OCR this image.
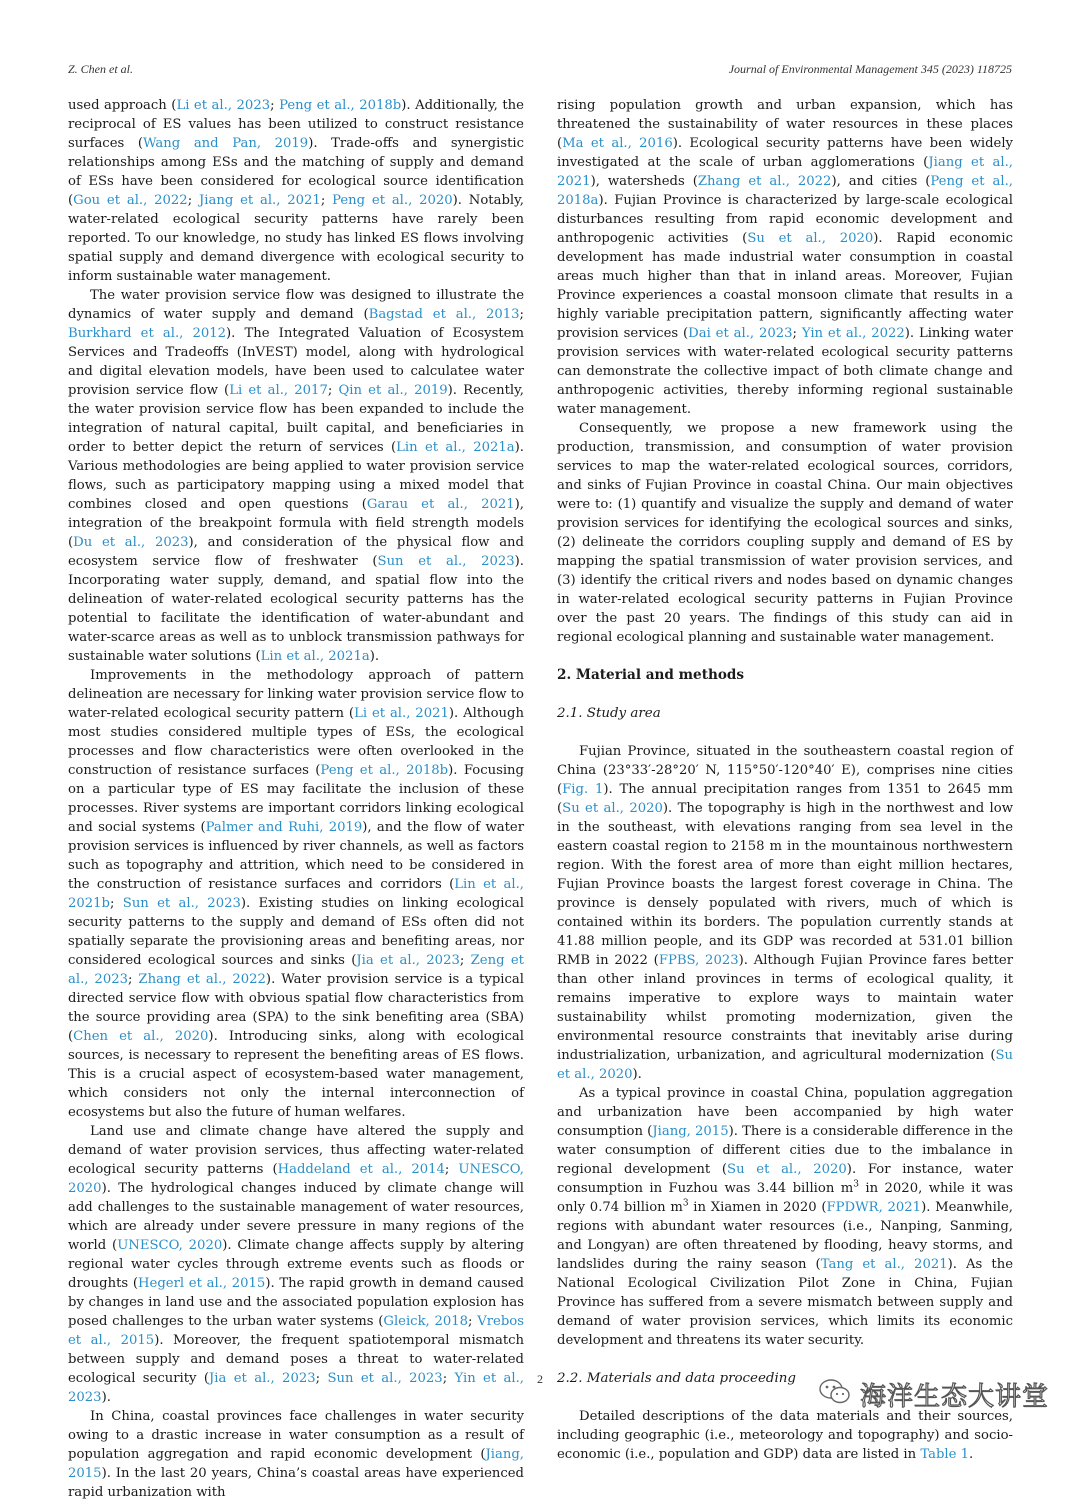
Z. Chen et al.	Journal of Environmental Management 345 (2023) 118725

used approach (Li et al., 2023; Peng et al., 2018b). Additionally, the reciprocal of ES values has been utilized to construct resistance surfaces (Wang and Pan, 2019). Trade-offs and synergistic relationships among ESs and the matching of supply and demand of ESs have been considered for ecological source identification (Gou et al., 2022; Jiang et al., 2021; Peng et al., 2020). Notably, water-related ecological security patterns have rarely been reported. To our knowledge, no study has linked ES flows involving spatial supply and demand divergence with ecological security to inform sustainable water management.

The water provision service flow was designed to illustrate the dynamics of water supply and demand (Bagstad et al., 2013; Burkhard et al., 2012). The Integrated Valuation of Ecosystem Services and Tradeoffs (InVEST) model, along with hydrological and digital elevation models, have been used to calculatee water provision service flow (Li et al., 2017; Qin et al., 2019). Recently, the water provision service flow has been expanded to include the integration of natural capital, built capital, and beneficiaries in order to better depict the return of services (Lin et al., 2021a). Various methodologies are being applied to water provision service flows, such as participatory mapping using a mixed model that combines closed and open questions (Garau et al., 2021), integration of the breakpoint formula with field strength models (Du et al., 2023), and consideration of the physical flow and ecosystem service flow of freshwater (Sun et al., 2023). Incorporating water supply, demand, and spatial flow into the delineation of water-related ecological security patterns has the potential to facilitate the identification of water-abundant and water-scarce areas as well as to unblock transmission pathways for sustainable water solutions (Lin et al., 2021a).

Improvements in the methodology approach of pattern delineation are necessary for linking water provision service flow to water-related ecological security pattern (Li et al., 2021). Although most studies considered multiple types of ESs, the ecological processes and flow characteristics were often overlooked in the construction of resistance surfaces (Peng et al., 2018b). Focusing on a particular type of ES may facilitate the inclusion of these processes. River systems are important corridors linking ecological and social systems (Palmer and Ruhi, 2019), and the flow of water provision services is influenced by river channels, as well as factors such as topography and attrition, which need to be considered in the construction of resistance surfaces and corridors (Lin et al., 2021b; Sun et al., 2023). Existing studies on linking ecological security patterns to the supply and demand of ESs often did not spatially separate the provisioning areas and benefiting areas, nor considered ecological sources and sinks (Jia et al., 2023; Zeng et al., 2023; Zhang et al., 2022). Water provision service is a typical directed service flow with obvious spatial flow characteristics from the source providing area (SPA) to the sink benefiting area (SBA) (Chen et al., 2020). Introducing sinks, along with ecological sources, is necessary to represent the benefiting areas of ES flows. This is a crucial aspect of ecosystem-based water management, which considers not only the internal interconnection of ecosystems but also the future of human welfares.

Land use and climate change have altered the supply and demand of water provision services, thus affecting water-related ecological security patterns (Haddeland et al., 2014; UNESCO, 2020). The hydrological changes induced by climate change will add challenges to the sustainable management of water resources, which are already under severe pressure in many regions of the world (UNESCO, 2020). Climate change affects supply by altering regional water cycles through extreme events such as floods or droughts (Hegerl et al., 2015). The rapid growth in demand caused by changes in land use and the associated population explosion has posed challenges to the urban water systems (Gleick, 2018; Vrebos et al., 2015). Moreover, the frequent spatiotemporal mismatch between supply and demand poses a threat to water-related ecological security (Jia et al., 2023; Sun et al., 2023; Yin et al., 2023).

In China, coastal provinces face challenges in water security owing to a drastic increase in water consumption as a result of population aggregation and rapid economic development (Jiang, 2015). In the last 20 years, China’s coastal areas have experienced rapid urbanization with

rising population growth and urban expansion, which has threatened the sustainability of water resources in these places (Ma et al., 2016). Ecological security patterns have been widely investigated at the scale of urban agglomerations (Jiang et al., 2021), watersheds (Zhang et al., 2022), and cities (Peng et al., 2018a). Fujian Province is characterized by large-scale ecological disturbances resulting from rapid economic development and anthropogenic activities (Su et al., 2020). Rapid economic development has made industrial water consumption in coastal areas much higher than that in inland areas. Moreover, Fujian Province experiences a coastal monsoon climate that results in a highly variable precipitation pattern, significantly affecting water provision services (Dai et al., 2023; Yin et al., 2022). Linking water provision services with water-related ecological security patterns can demonstrate the collective impact of both climate change and anthropogenic activities, thereby informing regional sustainable water management.

Consequently, we propose a new framework using the production, transmission, and consumption of water provision services to map the water-related ecological sources, corridors, and sinks of Fujian Province in coastal China. Our main objectives were to: (1) quantify and visualize the supply and demand of water provision services for identifying the ecological sources and sinks, (2) delineate the corridors coupling supply and demand of ES by mapping the spatial transmission of water provision services, and (3) identify the critical rivers and nodes based on dynamic changes in water-related ecological security patterns in Fujian Province over the past 20 years. The findings of this study can aid in regional ecological planning and sustainable water management.

2. Material and methods
2.1. Study area

Fujian Province, situated in the southeastern coastal region of China (23°33′-28°20′ N, 115°50′-120°40′ E), comprises nine cities (Fig. 1). The annual precipitation ranges from 1351 to 2645 mm (Su et al., 2020). The topography is high in the northwest and low in the southeast, with elevations ranging from sea level in the eastern coastal region to 2158 m in the mountainous northwestern region. With the forest area of more than eight million hectares, Fujian Province boasts the largest forest coverage in China. The province is densely populated with rivers, much of which is contained within its borders. The population currently stands at 41.88 million people, and its GDP was recorded at 531.01 billion RMB in 2022 (FPBS, 2023). Although Fujian Province fares better than other inland provinces in terms of ecological quality, it remains imperative to explore ways to maintain water sustainability whilst promoting modernization, given the environmental resource constraints that inevitably arise during industrialization, urbanization, and agricultural modernization (Su et al., 2020).

As a typical province in coastal China, population aggregation and urbanization have been accompanied by high water consumption (Jiang, 2015). There is a considerable difference in the water consumption of different cities due to the imbalance in regional development (Su et al., 2020). For instance, water consumption in Fuzhou was 3.44 billion $m^3$ in 2020, while it was only 0.74 billion $m^3$ in Xiamen in 2020 (FPDWR, 2021). Meanwhile, regions with abundant water resources (i.e., Nanping, Sanming, and Longyan) are often threatened by flooding, heavy storms, and landslides during the rainy season (Tang et al., 2021). As the National Ecological Civilization Pilot Zone in China, Fujian Province has suffered from a severe mismatch between supply and demand of water provision services, which limits its economic development and threatens its water security.

2.2. Materials and data proceeding

Detailed descriptions of the data materials and their sources, including geographic (i.e., meteorology and topography) and socio-economic (i.e., population and GDP) data are listed in Table 1.

2
海洋生态大讲堂
